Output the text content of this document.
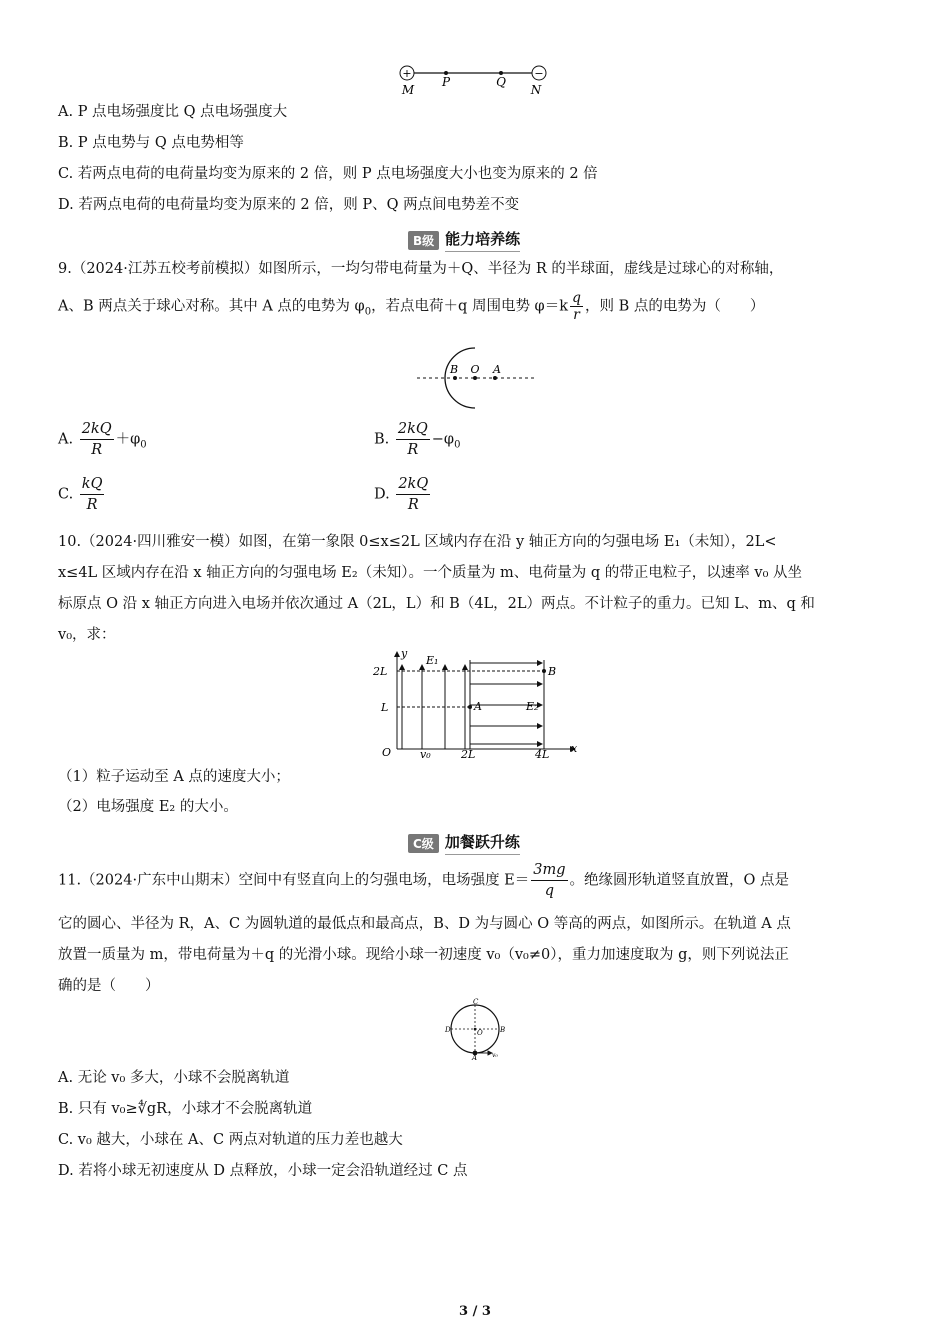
+	−
M
P	Q
N
A. P 点电场强度比 Q 点电场强度大
B. P 点电势与 Q 点电势相等
C. 若两点电荷的电荷量均变为原来的 2 倍，则 P 点电场强度大小也变为原来的 2 倍
D. 若两点电荷的电荷量均变为原来的 2 倍，则 P、Q 两点间电势差不变
B级 能力培养练
9.（2024·江苏五校考前模拟）如图所示，一均匀带电荷量为＋Q、半径为 R 的半球面，虚线是过球心的对称轴，
A、B 两点关于球心对称。其中 A 点的电势为 $\varphi_0$，若点电荷＋q 周围电势 $\varphi=k \frac{q}{r}$ ，则 B 点的电势为（　　）
B O A
A. $\frac{2kQ}{R} +\varphi_0$	B. $\frac{2kQ}{R} -\varphi_0$
C. $\frac{kQ}{R}$	D. $\frac{2kQ}{R}$
10.（2024·四川雅安一模）如图，在第一象限 0≤x≤2L 区域内存在沿 y 轴正方向的匀强电场 E₁（未知），2L<
x≤4L 区域内存在沿 x 轴正方向的匀强电场 E₂（未知）。一个质量为 m、电荷量为 q 的带正电粒子，以速率 v₀ 从坐
标原点 O 沿 x 轴正方向进入电场并依次通过 A（2L，L）和 B（4L，2L）两点。不计粒子的重力。已知 L、m、q 和
v₀，求：
y
x
O
L
2L
2L	4L
E₁
E₂
A
B
v₀
（1）粒子运动至 A 点的速度大小；
（2）电场强度 E₂ 的大小。
C级 加餐跃升练
11.（2024·广东中山期末）空间中有竖直向上的匀强电场，电场强度 $E= \frac{3mg}{q}$ 。绝缘圆形轨道竖直放置，O 点是
它的圆心、半径为 R，A、C 为圆轨道的最低点和最高点，B、D 为与圆心 O 等高的两点，如图所示。在轨道 A 点
放置一质量为 m，带电荷量为＋q 的光滑小球。现给小球一初速度 v₀（v₀≠0），重力加速度取为 g，则下列说法正
确的是（　　）
C
D	O B
A v₀
A. 无论 v₀ 多大，小球不会脱离轨道
B. 只有 v₀≥∜gR，小球才不会脱离轨道
C. v₀ 越大，小球在 A、C 两点对轨道的压力差也越大
D. 若将小球无初速度从 D 点释放，小球一定会沿轨道经过 C 点
3 / 3
